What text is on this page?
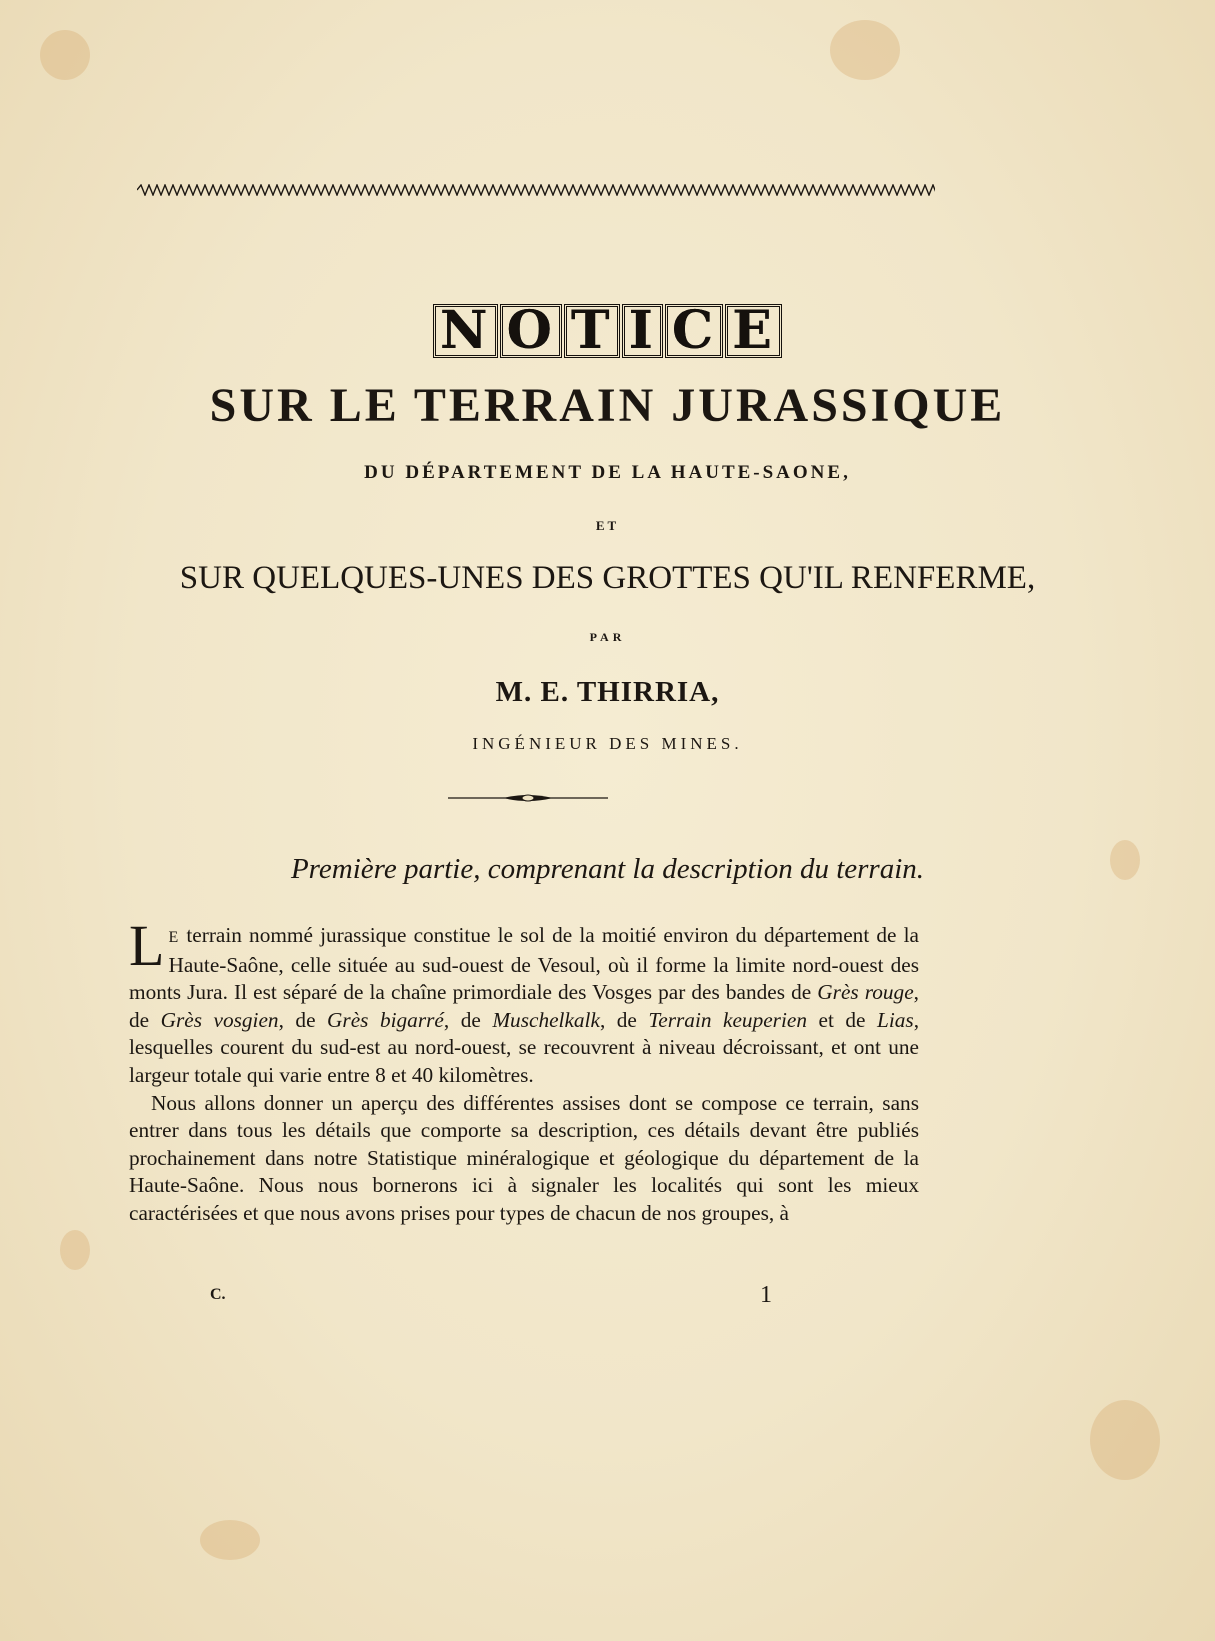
N O T I C E
SUR LE TERRAIN JURASSIQUE
DU DÉPARTEMENT DE LA HAUTE-SAONE,
ET
SUR QUELQUES-UNES DES GROTTES QU'IL RENFERME,
PAR
M. E. THIRRIA,
INGÉNIEUR DES MINES.
Première partie, comprenant la description du terrain.

L E terrain nommé jurassique constitue le sol de la moitié environ du département de la Haute-Saône, celle située au sud-ouest de Vesoul, où il forme la limite nord-ouest des monts Jura. Il est séparé de la chaîne primordiale des Vosges par des bandes de Grès rouge, de Grès vosgien, de Grès bigarré, de Muschelkalk, de Terrain keuperien et de Lias, lesquelles courent du sud-est au nord-ouest, se recouvrent à niveau décroissant, et ont une largeur totale qui varie entre 8 et 40 kilomètres.

Nous allons donner un aperçu des différentes assises dont se compose ce terrain, sans entrer dans tous les détails que comporte sa description, ces détails devant être publiés prochainement dans notre Statistique minéralogique et géologique du département de la Haute-Saône. Nous nous bornerons ici à signaler les localités qui sont les mieux caractérisées et que nous avons prises pour types de chacun de nos groupes, à

C.	1
